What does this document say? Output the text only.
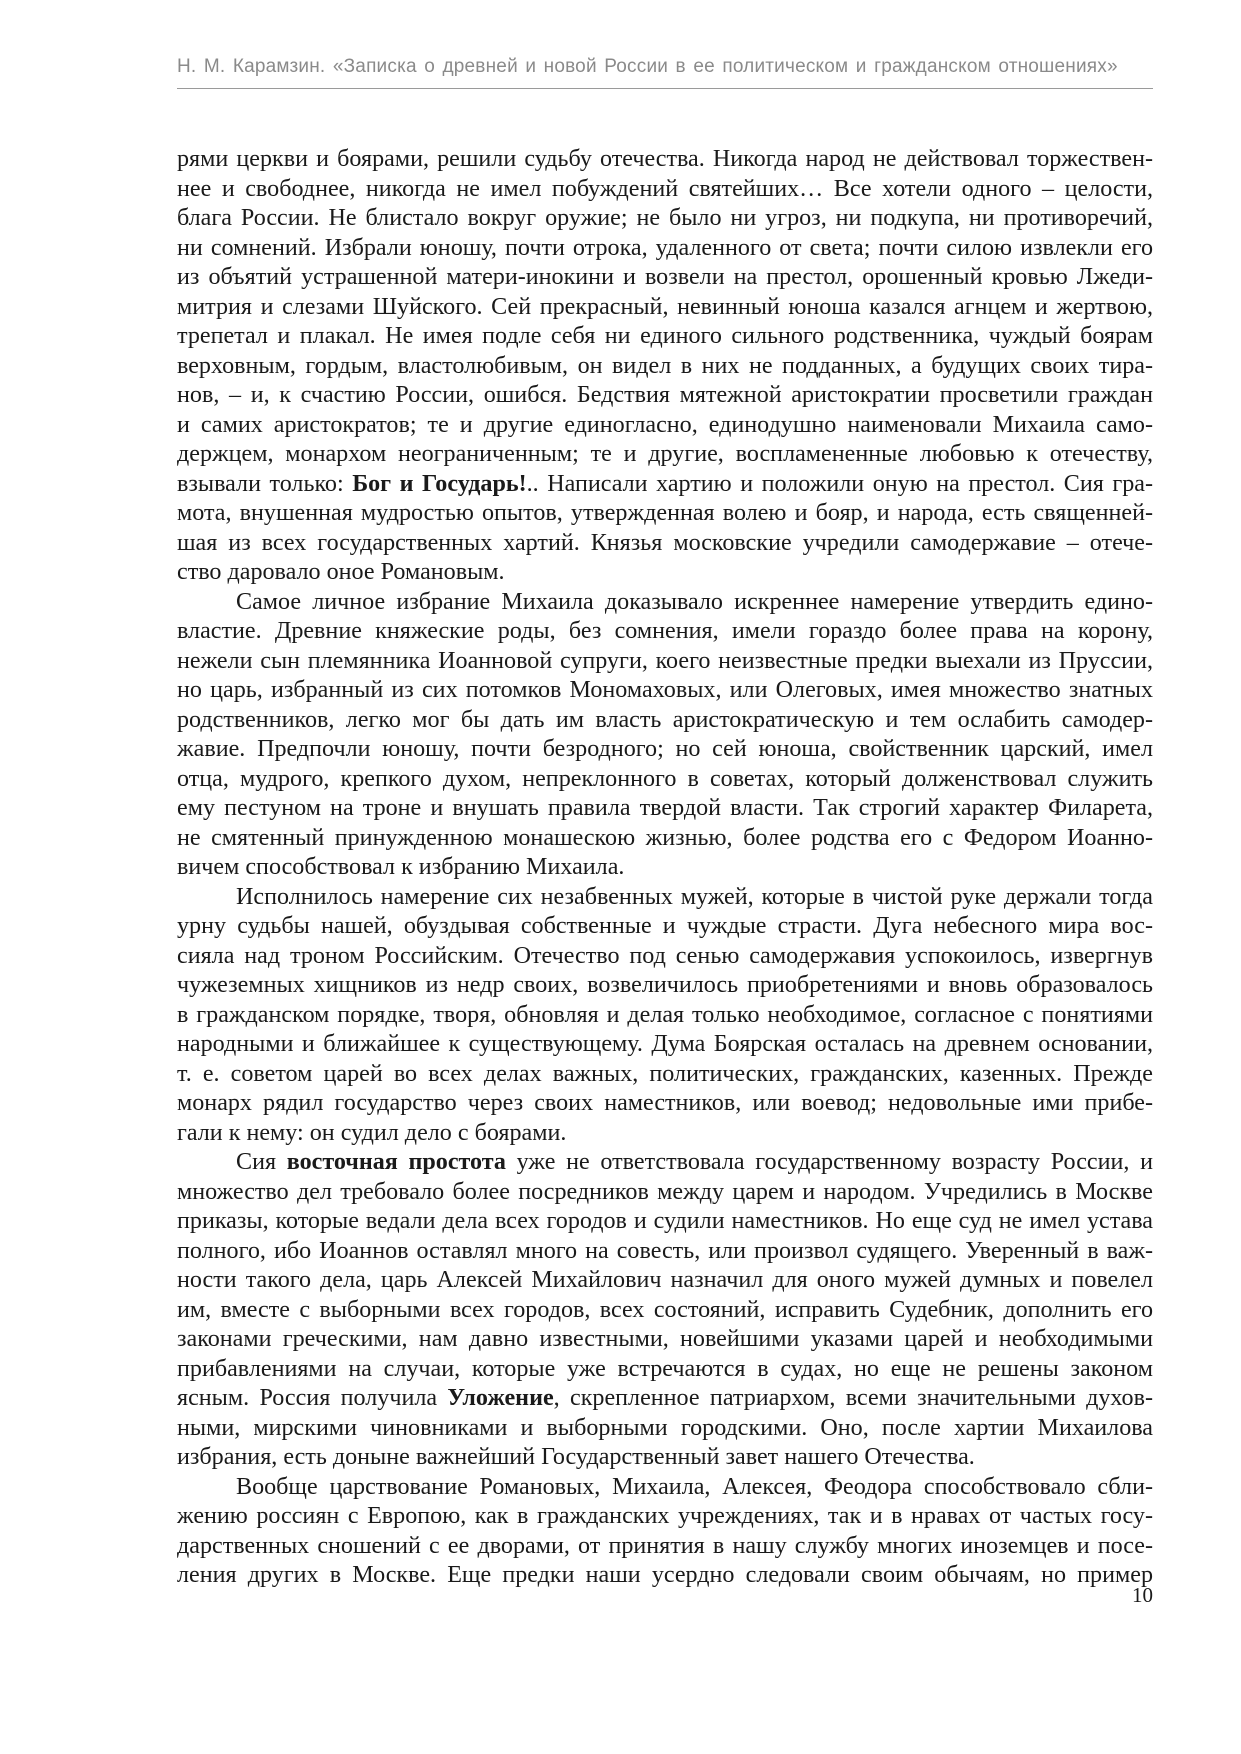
Н. М. Карамзин. «Записка о древней и новой России в ее политическом и гражданском отношениях»

рями церкви и боярами, решили судьбу отечества. Никогда народ не действовал торжествен-
нее и свободнее, никогда не имел побуждений святейших… Все хотели одного – целости,
блага России. Не блистало вокруг оружие; не было ни угроз, ни подкупа, ни противоречий,
ни сомнений. Избрали юношу, почти отрока, удаленного от света; почти силою извлекли его
из объятий устрашенной матери-инокини и возвели на престол, орошенный кровью Лжеди-
митрия и слезами Шуйского. Сей прекрасный, невинный юноша казался агнцем и жертвою,
трепетал и плакал. Не имея подле себя ни единого сильного родственника, чуждый боярам
верховным, гордым, властолюбивым, он видел в них не подданных, а будущих своих тира-
нов, – и, к счастию России, ошибся. Бедствия мятежной аристократии просветили граждан
и самих аристократов; те и другие единогласно, единодушно наименовали Михаила само-
держцем, монархом неограниченным; те и другие, воспламененные любовью к отечеству,
взывали только: Бог и Государь!.. Написали хартию и положили оную на престол. Сия гра-
мота, внушенная мудростью опытов, утвержденная волею и бояр, и народа, есть священней-
шая из всех государственных хартий. Князья московские учредили самодержавие – отече-
ство даровало оное Романовым.

Самое личное избрание Михаила доказывало искреннее намерение утвердить едино-
властие. Древние княжеские роды, без сомнения, имели гораздо более права на корону,
нежели сын племянника Иоанновой супруги, коего неизвестные предки выехали из Пруссии,
но царь, избранный из сих потомков Мономаховых, или Олеговых, имея множество знатных
родственников, легко мог бы дать им власть аристократическую и тем ослабить самодер-
жавие. Предпочли юношу, почти безродного; но сей юноша, свойственник царский, имел
отца, мудрого, крепкого духом, непреклонного в советах, который долженствовал служить
ему пестуном на троне и внушать правила твердой власти. Так строгий характер Филарета,
не смятенный принужденною монашескою жизнью, более родства его с Федором Иоанно-
вичем способствовал к избранию Михаила.

Исполнилось намерение сих незабвенных мужей, которые в чистой руке держали тогда
урну судьбы нашей, обуздывая собственные и чуждые страсти. Дуга небесного мира вос-
сияла над троном Российским. Отечество под сенью самодержавия успокоилось, извергнув
чужеземных хищников из недр своих, возвеличилось приобретениями и вновь образовалось
в гражданском порядке, творя, обновляя и делая только необходимое, согласное с понятиями
народными и ближайшее к существующему. Дума Боярская осталась на древнем основании,
т. е. советом царей во всех делах важных, политических, гражданских, казенных. Прежде
монарх рядил государство через своих наместников, или воевод; недовольные ими прибе-
гали к нему: он судил дело с боярами.

Сия восточная простота уже не ответствовала государственному возрасту России, и
множество дел требовало более посредников между царем и народом. Учредились в Москве
приказы, которые ведали дела всех городов и судили наместников. Но еще суд не имел устава
полного, ибо Иоаннов оставлял много на совесть, или произвол судящего. Уверенный в важ-
ности такого дела, царь Алексей Михайлович назначил для оного мужей думных и повелел
им, вместе с выборными всех городов, всех состояний, исправить Судебник, дополнить его
законами греческими, нам давно известными, новейшими указами царей и необходимыми
прибавлениями на случаи, которые уже встречаются в судах, но еще не решены законом
ясным. Россия получила Уложение, скрепленное патриархом, всеми значительными духов-
ными, мирскими чиновниками и выборными городскими. Оно, после хартии Михаилова
избрания, есть доныне важнейший Государственный завет нашего Отечества.

Вообще царствование Романовых, Михаила, Алексея, Феодора способствовало сбли-
жению россиян с Европою, как в гражданских учреждениях, так и в нравах от частых госу-
дарственных сношений с ее дворами, от принятия в нашу службу многих иноземцев и посе-
ления других в Москве. Еще предки наши усердно следовали своим обычаям, но пример

10
